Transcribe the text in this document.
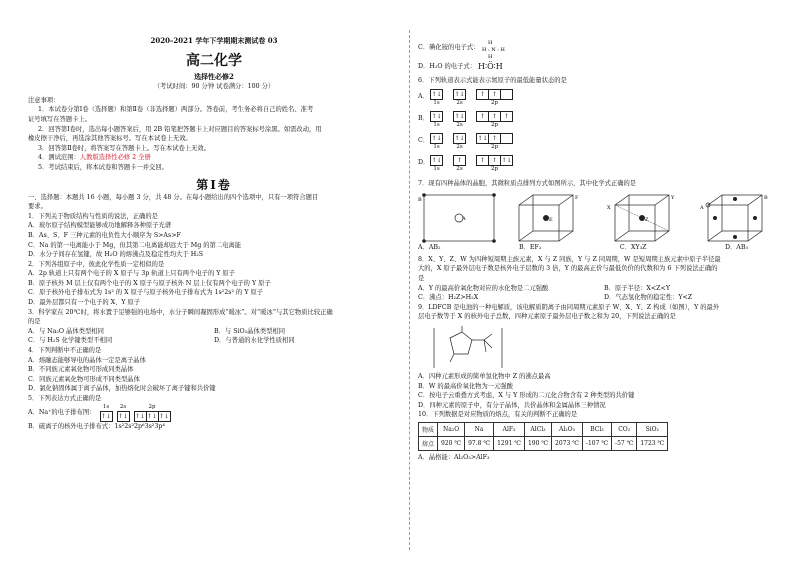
2020–2021 学年下学期期末测试卷 03
高二化学
选择性必修2
（考试时间：90 分钟 试卷满分：100 分）
注意事项：
1．本试卷分第Ⅰ卷（选择题）和第Ⅱ卷（非选择题）两部分。答卷前，考生务必将自己的姓名、准考
证号填写在答题卡上。
2．回答第Ⅰ卷时，选出每小题答案后，用 2B 铅笔把答题卡上对应题目的答案标号涂黑。如需改动，用
橡皮擦干净后，再选涂其他答案标号。写在本试卷上无效。
3．回答第Ⅱ卷时，将答案写在答题卡上。写在本试卷上无效。
4．测试范围：人教版选择性必修 2 全册
5．考试结束后，将本试卷和答题卡一并交回。
第Ⅰ卷
一、选择题：本题共 16 小题，每小题 3 分，共 48 分。在每小题给出的四个选项中，只有一项符合题目
要求。
1．下列关于物质结构与性质的说法，正确的是
A．玻尔原子结构模型能够成功地解释各种原子光谱
B．As、S、F 三种元素的电负性大小顺序为 S>As>F
C．Na 的第一电离能小于 Mg，但其第二电离能却远大于 Mg 的第二电离能
D．水分子间存在氢键，故 H₂O 的熔沸点及稳定性均大于 H₂S
2．下列各组原子中，彼此化学性质一定相似的是
A．2p 轨道上只有两个电子的 X 原子与 3p 轨道上只有两个电子的 Y 原子
B．原子核外 M 层上仅有两个电子的 X 原子与原子核外 N 层上仅有两个电子的 Y 原子
C．原子核外电子排布式为 1s² 的 X 原子与原子核外电子排布式为 1s²2s² 的 Y 原子
D．最外层都只有一个电子的 X、Y 原子
3．科学家在 20℃时，将水置于足够强的电场中，水分子瞬间凝固形成“暖冰”。对“暖冰”与其它物质比较正确
的是
A．与 Na₂O 晶体类型相同	B．与 SiO₂晶体类型相同
C．与 H₂S 化学键类型不相同	D．与普通的水化学性质相同
4．下列判断中不正确的是
A．熔融态能够导电的晶体一定是离子晶体
B．不同族元素氧化物可形成同类晶体
C．同族元素氧化物可形成不同类型晶体
D．氯化钠固体属于离子晶体，加热熔化时会破坏了离子键和共价键
5．下列表达方式正确的是
A．Na⁺的电子排布图：
1s
↑↓
2s
↑↓
2p
↑↓ ↑↓ ↑↓
B．硫离子的核外电子排布式：1s²2s²2p⁶3s²3p⁴
C．碘化铵的电子式：
H
H : N : H
H
D．H₂O 的电子式： H∶Ö∶H
6．下列轨道表示式能表示氮原子的最低能量状态的是
A． ↑↓
1s
↑↓
2s
↑	↑
2p
B． ↑↓
1s
↑↓
2s
↑	↑	↑
2p
C． ↑↓
1s
↑↓
2s
↑↓ ↑
2p
D． ↑↓
1s
↑
2s
↑	↑ ↑↓
2p
7．现有四种晶体的晶胞，其微粒质点排列方式如图所示，其中化学式正确的是
B
A
F
E
Y
Z
X
B
A
A．AB₂	B．EF₂	C．XY₃Z	D．AB₃
8．X、Y、Z、W 为四种短周期主族元素，X 与 Z 同族，Y 与 Z 同周期，W 是短周期主族元素中原子半径最
大的，X 原子最外层电子数是核外电子层数的 3 倍，Y 的最高正价与最低负价的代数和为 6 下列说法正确的
是
A．Y 的最高价氧化物对应的水化物是二元强酸	B．原子半径：X<Z<Y
C．沸点：H₂Z>H₂X	D．气态氢化物的稳定性：Y<Z
9．LDFCB 是电池的一种电解质，该电解质阴离子由同周期元素原子 W、X、Y、Z 构成（如图），Y 的最外
层电子数等于 X 的核外电子总数，四种元素原子最外层电子数之和为 20，下列说法正确的是
A．四种元素形成的简单氢化物中 Z 的沸点最高
B．W 的最高价氧化物为一元强酸
C．按电子云重叠方式考虑，X 与 Y 形成的二元化合物含有 2 种类型的共价键
D．四种元素的原子中，有分子晶体，共价晶体和金属晶体三种情况
10．下列数据是对应物质的熔点，有关的判断不正确的是
物质	Na₂O	Na	AlF₃	AlCl₃	Al₂O₃	BCl₃	CO₂	SiO₂
熔点	920 ℃	97.8 ℃	1291 ℃	190 ℃	2073 ℃	-107 ℃	-57 ℃	1723 ℃
A．晶格能：Al₂O₃>AlF₃
